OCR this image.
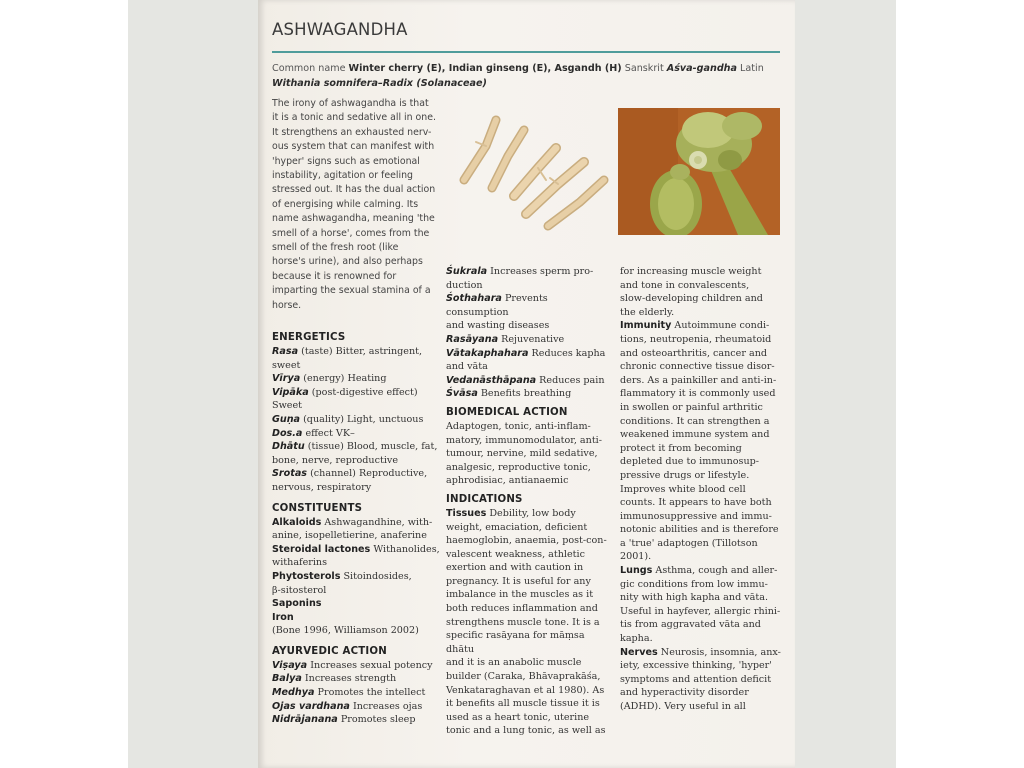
ASHWAGANDHA
Common name Winter cherry (E), Indian ginseng (E), Asgandh (H) Sanskrit Aśva-gandha Latin Withania somnifera–Radix (Solanaceae)

The irony of ashwagandha is that

it is a tonic and sedative all in one.

It strengthens an exhausted nerv-

ous system that can manifest with

'hyper' signs such as emotional

instability, agitation or feeling

stressed out. It has the dual action

of energising while calming. Its

name ashwagandha, meaning 'the

smell of a horse', comes from the

smell of the fresh root (like

horse's urine), and also perhaps

because it is renowned for

imparting the sexual stamina of a

horse.

ENERGETICS

Rasa (taste) Bitter, astringent,

sweet

Vīrya (energy) Heating

Vipāka (post-digestive effect)

Sweet

Guṇa (quality) Light, unctuous

Dos.a effect VK–

Dhātu (tissue) Blood, muscle, fat,

bone, nerve, reproductive

Srotas (channel) Reproductive,

nervous, respiratory

CONSTITUENTS

Alkaloids Ashwagandhine, with-

anine, isopelletierine, anaferine

Steroidal lactones Withanolides,

withaferins

Phytosterols Sitoindosides,

β-sitosterol

Saponins

Iron

(Bone 1996, Williamson 2002)

AYURVEDIC ACTION

Viṣaya Increases sexual potency

Balya Increases strength

Medhya Promotes the intellect

Ojas vardhana Increases ojas

Nidrājanana Promotes sleep

Śukrala Increases sperm pro-

duction

Śothahara Prevents consumption

and wasting diseases

Rasāyana Rejuvenative

Vātakaphahara Reduces kapha

and vāta

Vedanāsthāpana Reduces pain

Śvāsa Benefits breathing

BIOMEDICAL ACTION

Adaptogen, tonic, anti-inflam-

matory, immunomodulator, anti-

tumour, nervine, mild sedative,

analgesic, reproductive tonic,

aphrodisiac, antianaemic

INDICATIONS

Tissues Debility, low body

weight, emaciation, deficient

haemoglobin, anaemia, post-con-

valescent weakness, athletic

exertion and with caution in

pregnancy. It is useful for any

imbalance in the muscles as it

both reduces inflammation and

strengthens muscle tone. It is a

specific rasāyana for māṃsa dhātu

and it is an anabolic muscle

builder (Caraka, Bhāvaprakāśa,

Venkataraghavan et al 1980). As

it benefits all muscle tissue it is

used as a heart tonic, uterine

tonic and a lung tonic, as well as

for increasing muscle weight

and tone in convalescents,

slow-developing children and

the elderly.

Immunity Autoimmune condi-

tions, neutropenia, rheumatoid

and osteoarthritis, cancer and

chronic connective tissue disor-

ders. As a painkiller and anti-in-

flammatory it is commonly used

in swollen or painful arthritic

conditions. It can strengthen a

weakened immune system and

protect it from becoming

depleted due to immunosup-

pressive drugs or lifestyle.

Improves white blood cell

counts. It appears to have both

immunosuppressive and immu-

notonic abilities and is therefore

a 'true' adaptogen (Tillotson

2001).

Lungs Asthma, cough and aller-

gic conditions from low immu-

nity with high kapha and vāta.

Useful in hayfever, allergic rhini-

tis from aggravated vāta and

kapha.

Nerves Neurosis, insomnia, anx-

iety, excessive thinking, 'hyper'

symptoms and attention deficit

and hyperactivity disorder

(ADHD). Very useful in all
